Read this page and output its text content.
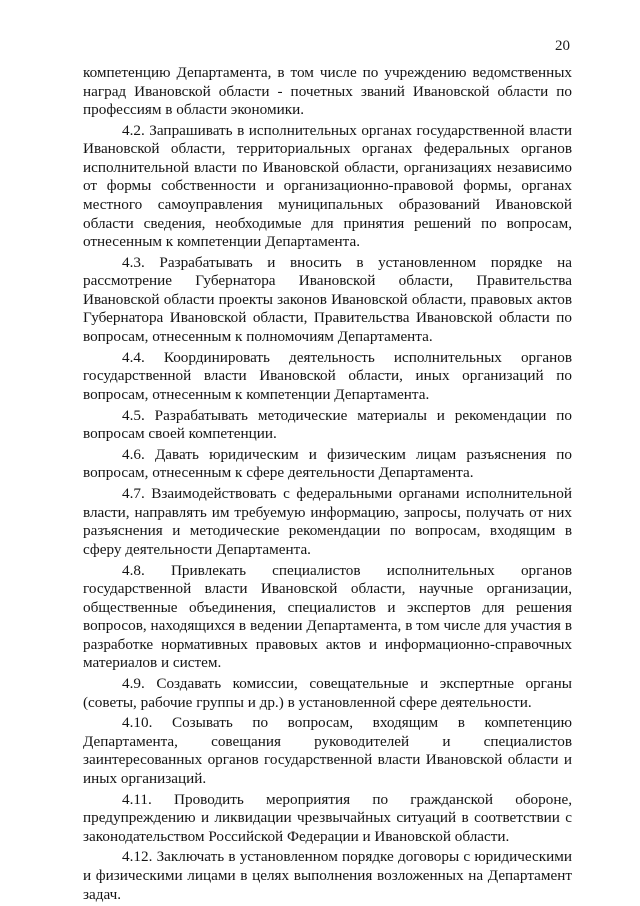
20

компетенцию Департамента, в том числе по учреждению ведомственных наград Ивановской области - почетных званий Ивановской области по профессиям в области экономики.

4.2. Запрашивать в исполнительных органах государственной власти Ивановской области, территориальных органах федеральных органов исполнительной власти по Ивановской области, организациях независимо от формы собственности и организационно-правовой формы, органах местного самоуправления муниципальных образований Ивановской области сведения, необходимые для принятия решений по вопросам, отнесенным к компетенции Департамента.

4.3. Разрабатывать и вносить в установленном порядке на рассмотрение Губернатора Ивановской области, Правительства Ивановской области проекты законов Ивановской области, правовых актов Губернатора Ивановской области, Правительства Ивановской области по вопросам, отнесенным к полномочиям Департамента.

4.4. Координировать деятельность исполнительных органов государственной власти Ивановской области, иных организаций по вопросам, отнесенным к компетенции Департамента.

4.5. Разрабатывать методические материалы и рекомендации по вопросам своей компетенции.

4.6. Давать юридическим и физическим лицам разъяснения по вопросам, отнесенным к сфере деятельности Департамента.

4.7. Взаимодействовать с федеральными органами исполнительной власти, направлять им требуемую информацию, запросы, получать от них разъяснения и методические рекомендации по вопросам, входящим в сферу деятельности Департамента.

4.8. Привлекать специалистов исполнительных органов государственной власти Ивановской области, научные организации, общественные объединения, специалистов и экспертов для решения вопросов, находящихся в ведении Департамента, в том числе для участия в разработке нормативных правовых актов и информационно-справочных материалов и систем.

4.9. Создавать комиссии, совещательные и экспертные органы (советы, рабочие группы и др.) в установленной сфере деятельности.

4.10. Созывать по вопросам, входящим в компетенцию Департамента, совещания руководителей и специалистов заинтересованных органов государственной власти Ивановской области и иных организаций.

4.11. Проводить мероприятия по гражданской обороне, предупреждению и ликвидации чрезвычайных ситуаций в соответствии с законодательством Российской Федерации и Ивановской области.

4.12. Заключать в установленном порядке договоры с юридическими и физическими лицами в целях выполнения возложенных на Департамент задач.
